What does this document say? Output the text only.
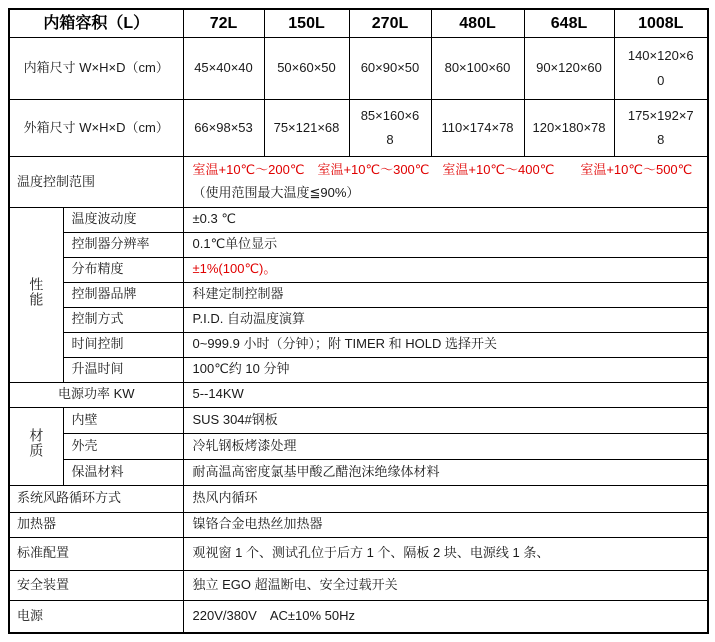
内箱容积（L）		72L	150L	270L	480L	648L	1008L
内箱尺寸 W×H×D（cm）		45×40×40	50×60×50	60×90×50	80×100×60	90×120×60	140×120×60
外箱尺寸 W×H×D（cm）		66×98×53	75×121×68	85×160×68	110×174×78	120×180×78	175×192×78
温度控制范围		室温+10℃～200℃　室温+10℃～300℃　室温+10℃～400℃　　室温+10℃～500℃　（使用范围最大温度≦90%）					
性能	温度波动度	±0.3 ℃					
	控制器分辨率	0.1℃单位显示					
	分布精度	±1%(100℃)。					
	控制器品牌	科建定制控制器					
	控制方式	P.I.D. 自动温度演算					
	时间控制	0~999.9 小时（分钟）；附 TIMER 和 HOLD 选择开关					
	升温时间	100℃约 10 分钟					
电源功率 KW		5--14KW					
材质	内壁	SUS 304#钢板					
	外壳	冷轧钢板烤漆处理					
	保温材料	耐高温高密度氯基甲酸乙醋泡沫绝缘体材料					
系统风路循环方式		热风内循环					
加热器		镍铬合金电热丝加热器					
标准配置		观视窗 1 个、测试孔位于后方 1 个、隔板 2 块、电源线 1 条、					
安全装置		独立 EGO 超温断电、安全过载开关					
电源		220V/380V　AC±10% 50Hz					
